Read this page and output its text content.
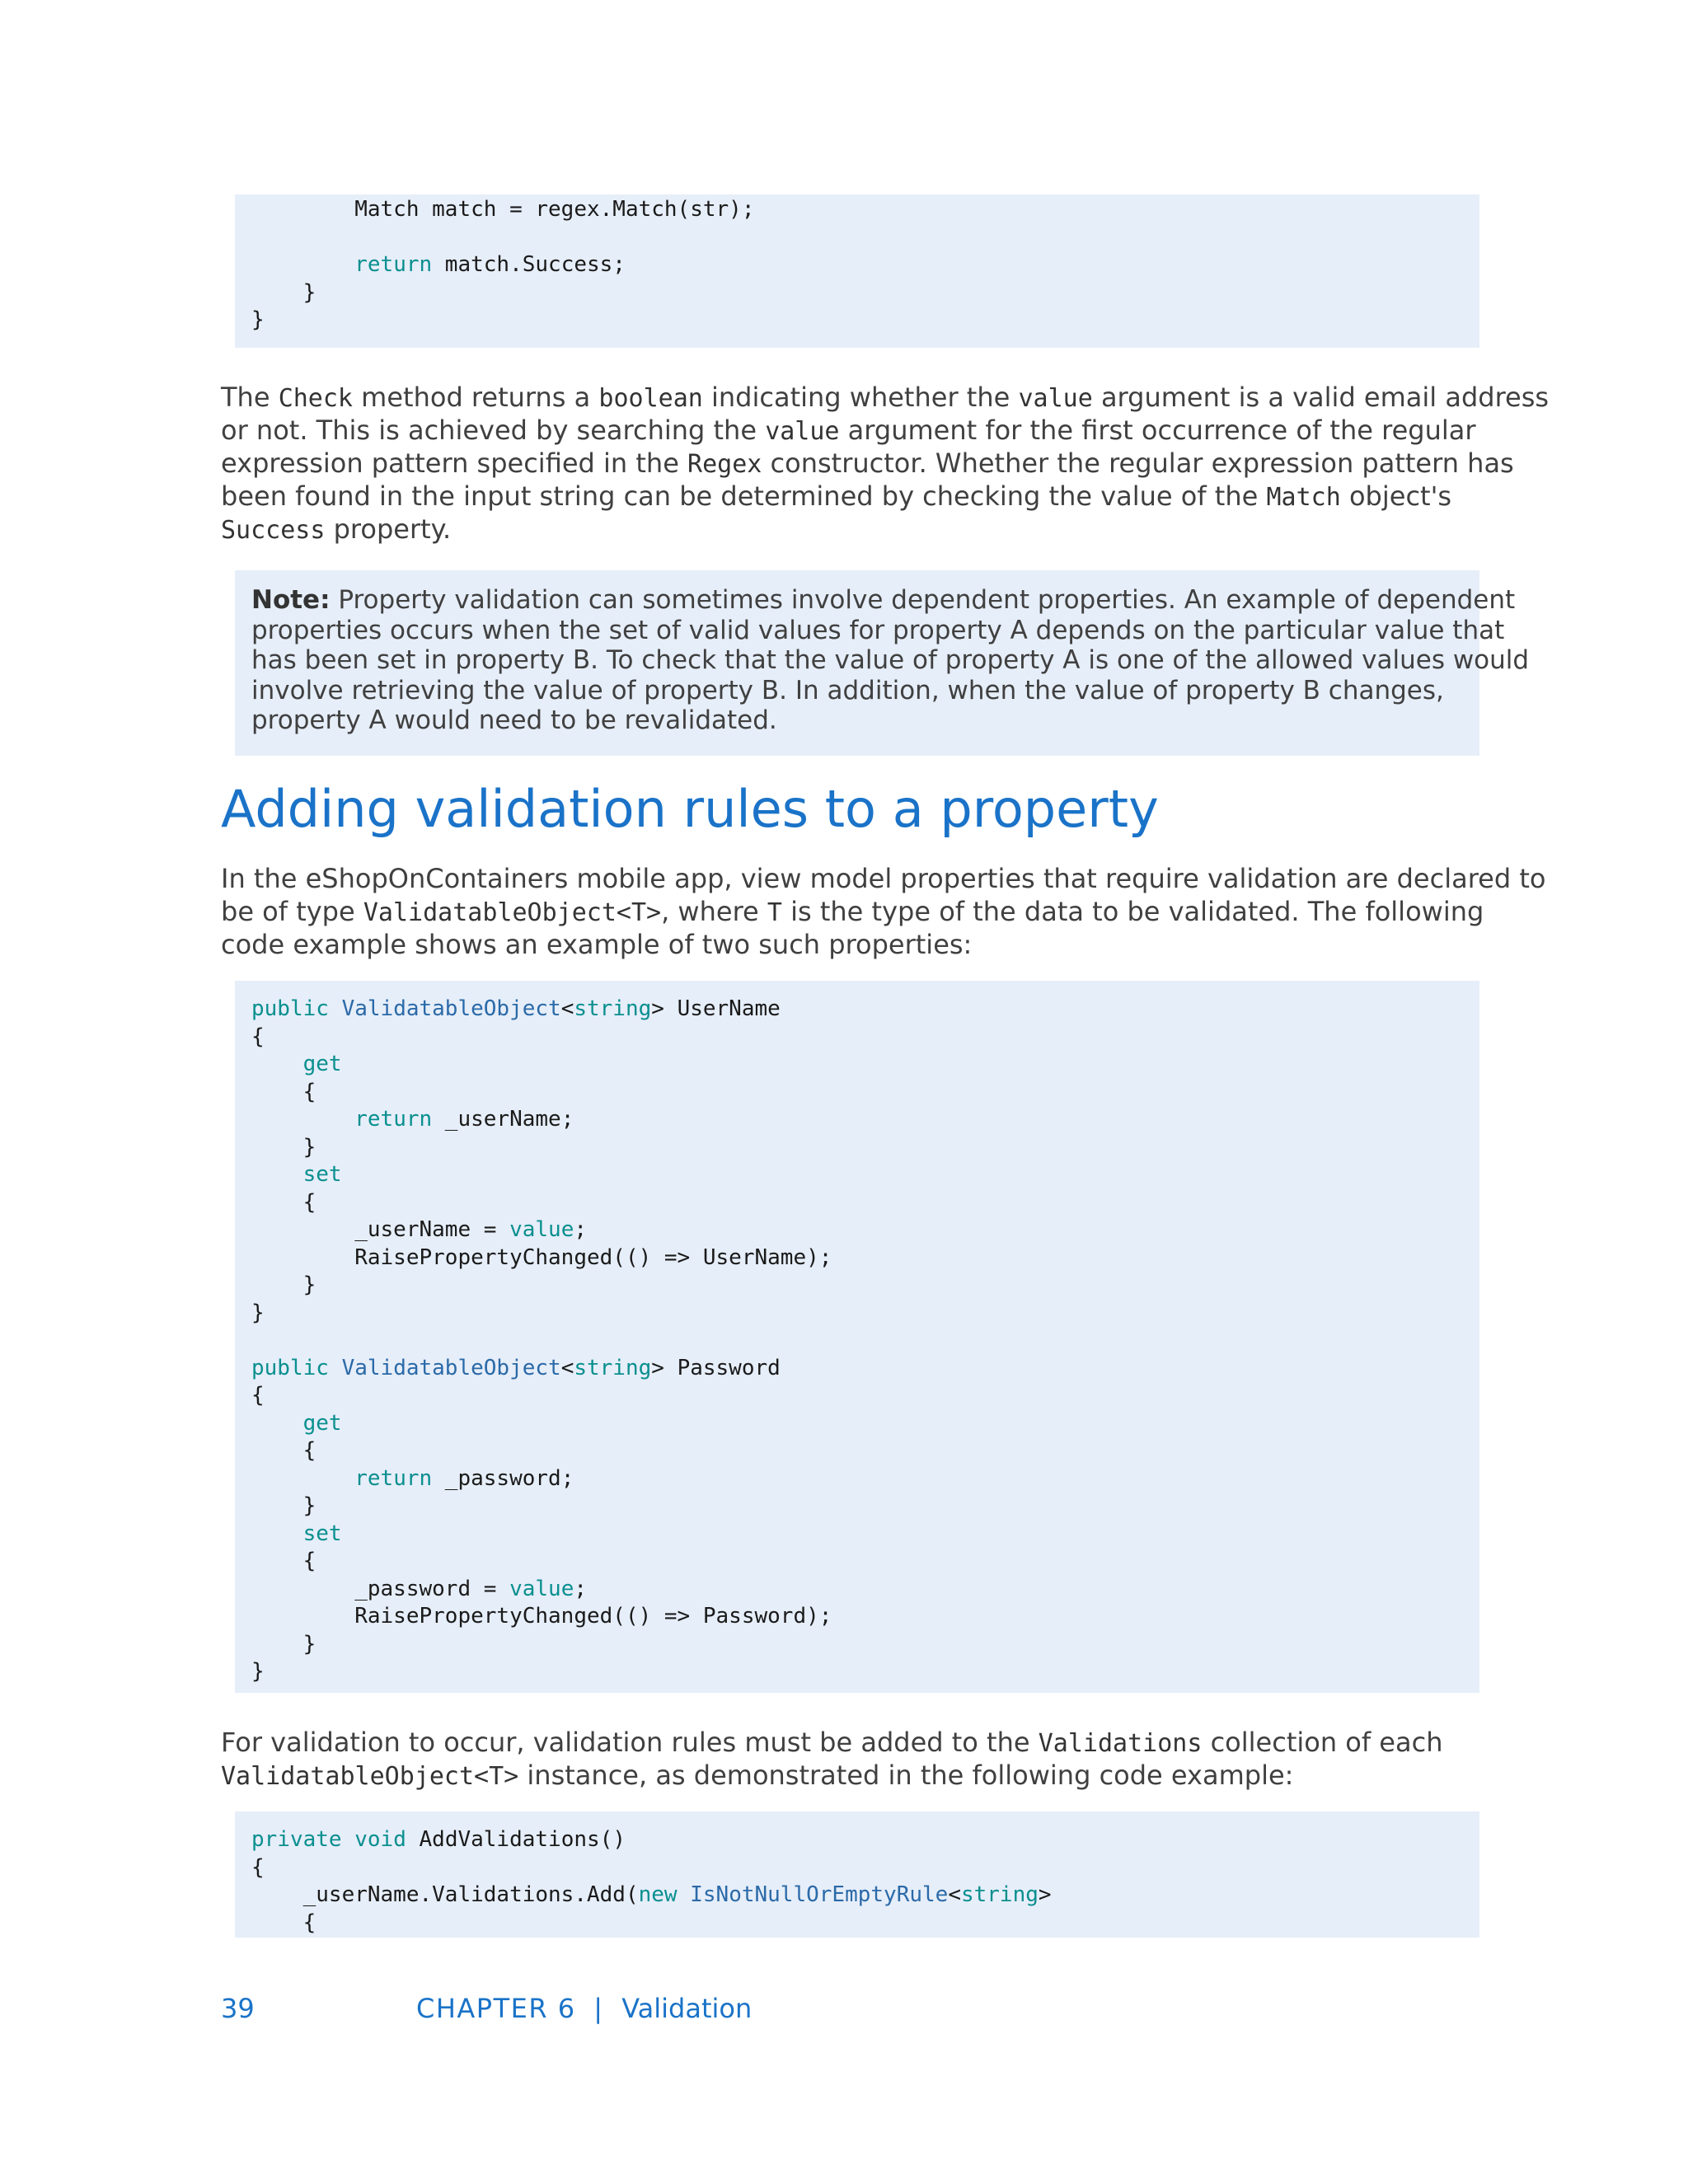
Match match = regex.Match(str);
return match.Success;
}
}
The Check method returns a boolean indicating whether the value argument is a valid email address
or not. This is achieved by searching the value argument for the first occurrence of the regular
expression pattern specified in the Regex constructor. Whether the regular expression pattern has
been found in the input string can be determined by checking the value of the Match object's
Success property.
Note: Property validation can sometimes involve dependent properties. An example of dependent
properties occurs when the set of valid values for property A depends on the particular value that
has been set in property B. To check that the value of property A is one of the allowed values would
involve retrieving the value of property B. In addition, when the value of property B changes,
property A would need to be revalidated.
Adding validation rules to a property
In the eShopOnContainers mobile app, view model properties that require validation are declared to
be of type ValidatableObject<T>, where T is the type of the data to be validated. The following
code example shows an example of two such properties:
public ValidatableObject<string> UserName
{
get
{
return _userName;
}
set
{
_userName = value;
RaisePropertyChanged(() => UserName);
}
}
public ValidatableObject<string> Password
{
get
{
return _password;
}
set
{
_password = value;
RaisePropertyChanged(() => Password);
}
}
For validation to occur, validation rules must be added to the Validations collection of each
ValidatableObject<T> instance, as demonstrated in the following code example:
private void AddValidations()
{
_userName.Validations.Add(new IsNotNullOrEmptyRule<string>
{
39	CHAPTER 6 | Validation
